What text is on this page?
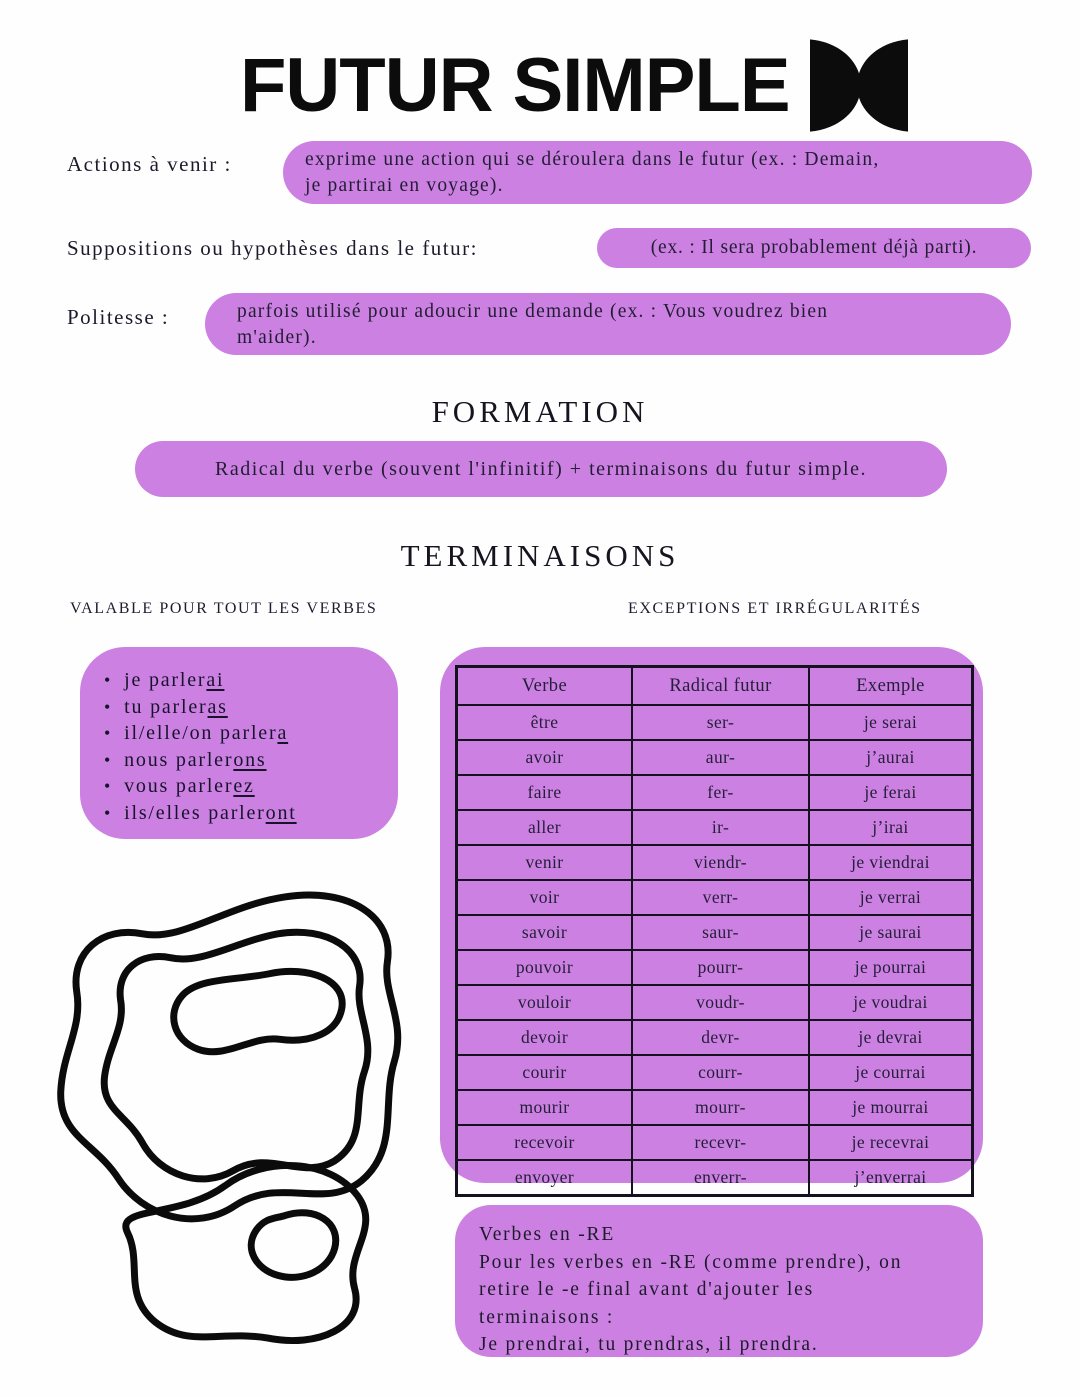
FUTUR SIMPLE
Actions à venir :	exprime une action qui se déroulera dans le futur (ex. : Demain,
je partirai en voyage).
Suppositions ou hypothèses dans le futur:	(ex. : Il sera probablement déjà parti).
Politesse :	parfois utilisé pour adoucir une demande (ex. : Vous voudrez bien
m'aider).
FORMATION
Radical du verbe (souvent l'infinitif) + terminaisons du futur simple.
TERMINAISONS
VALABLE POUR TOUT LES VERBES	EXCEPTIONS ET IRRÉGULARITÉS
• je parlerai
• tu parleras
• il/elle/on parlera
• nous parlerons
• vous parlerez
• ils/elles parleront
Verbe	Radical futur	Exemple
être	ser-	je serai
avoir	aur-	j’aurai
faire	fer-	je ferai
aller	ir-	j’irai
venir	viendr-	je viendrai
voir	verr-	je verrai
savoir	saur-	je saurai
pouvoir	pourr-	je pourrai
vouloir	voudr-	je voudrai
devoir	devr-	je devrai
courir	courr-	je courrai
mourir	mourr-	je mourrai
recevoir	recevr-	je recevrai
envoyer	enverr-	j’enverrai
Verbes en -RE
Pour les verbes en -RE (comme prendre), on
retire le -e final avant d'ajouter les
terminaisons :
Je prendrai, tu prendras, il prendra.
